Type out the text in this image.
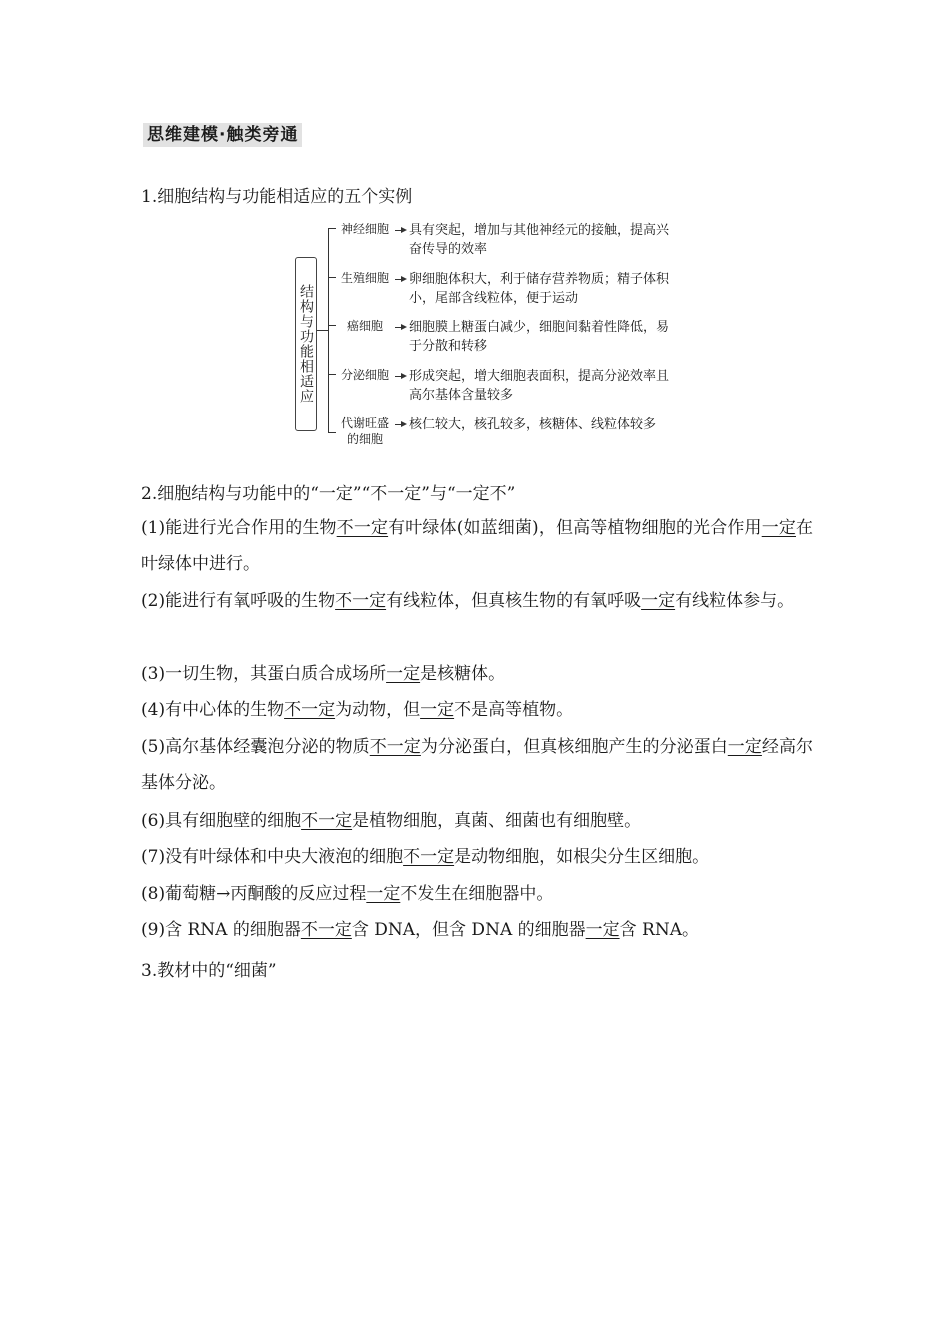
思维建模·触类旁通
1.细胞结构与功能相适应的五个实例
结构与功能相适应
神经细胞
生殖细胞
癌细胞
分泌细胞
代谢旺盛的细胞
具有突起，增加与其他神经元的接触，提高兴奋传导的效率
卵细胞体积大，利于储存营养物质；精子体积小，尾部含线粒体，便于运动
细胞膜上糖蛋白减少，细胞间黏着性降低，易于分散和转移
形成突起，增大细胞表面积，提高分泌效率且高尔基体含量较多
核仁较大，核孔较多，核糖体、线粒体较多
2.细胞结构与功能中的“一定”“不一定”与“一定不”
(1)能进行光合作用的生物不一定有叶绿体(如蓝细菌)，但高等植物细胞的光合作用一定在叶绿体中进行。
(2)能进行有氧呼吸的生物不一定有线粒体，但真核生物的有氧呼吸一定有线粒体参与。
(3)一切生物，其蛋白质合成场所一定是核糖体。
(4)有中心体的生物不一定为动物，但一定不是高等植物。
(5)高尔基体经囊泡分泌的物质不一定为分泌蛋白，但真核细胞产生的分泌蛋白一定经高尔基体分泌。
(6)具有细胞壁的细胞不一定是植物细胞，真菌、细菌也有细胞壁。
(7)没有叶绿体和中央大液泡的细胞不一定是动物细胞，如根尖分生区细胞。
(8)葡萄糖→丙酮酸的反应过程一定不发生在细胞器中。
(9)含 RNA 的细胞器不一定含 DNA，但含 DNA 的细胞器一定含 RNA。
3.教材中的“细菌”
